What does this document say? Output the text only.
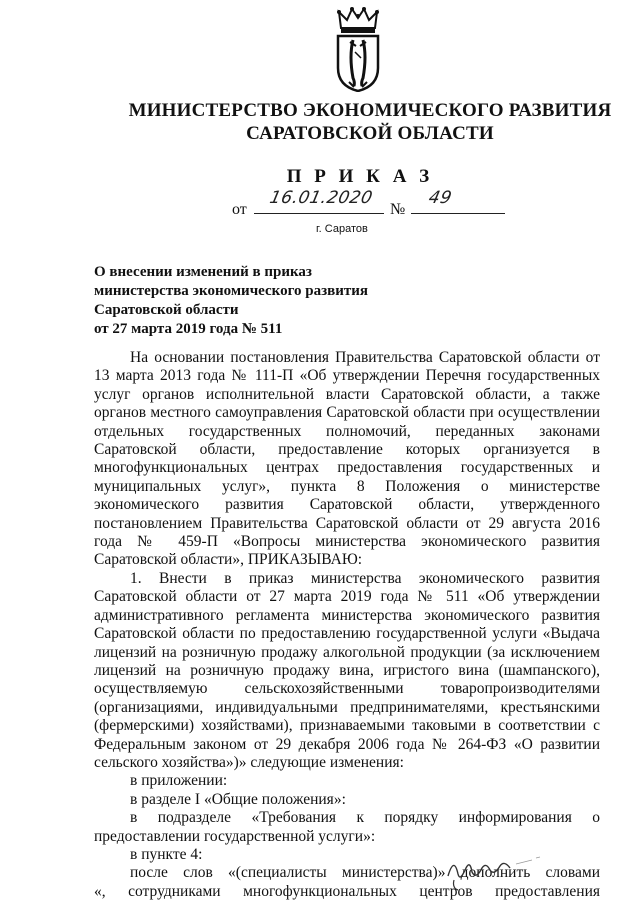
МИНИСТЕРСТВО ЭКОНОМИЧЕСКОГО РАЗВИТИЯ
САРАТОВСКОЙ ОБЛАСТИ
П Р И К А З
от
16.01.2020
№
49
г. Саратов
О внесении изменений в приказ
министерства экономического развития
Саратовской области
от 27 марта 2019 года № 511

На основании постановления Правительства Саратовской области от 13 марта 2013 года № 111-П «Об утверждении Перечня государственных услуг органов исполнительной власти Саратовской области, а также органов местного самоуправления Саратовской области при осуществлении отдельных государственных полномочий, переданных законами Саратовской области, предоставление которых организуется в многофункциональных центрах предоставления государственных и муниципальных услуг», пункта 8 Положения о министерстве экономического развития Саратовской области, утвержденного постановлением Правительства Саратовской области от 29 августа 2016 года № 459-П «Вопросы министерства экономического развития Саратовской области», ПРИКАЗЫВАЮ:

1. Внести в приказ министерства экономического развития Саратовской области от 27 марта 2019 года № 511 «Об утверждении административного регламента министерства экономического развития Саратовской области по предоставлению государственной услуги «Выдача лицензий на розничную продажу алкогольной продукции (за исключением лицензий на розничную продажу вина, игристого вина (шампанского), осуществляемую сельскохозяйственными товаропроизводителями (организациями, индивидуальными предпринимателями, крестьянскими (фермерскими) хозяйствами), признаваемыми таковыми в соответствии с Федеральным законом от 29 декабря 2006 года № 264-ФЗ «О развитии сельского хозяйства»)» следующие изменения:

в приложении:

в разделе I «Общие положения»:

в подразделе «Требования к порядку информирования о предоставлении государственной услуги»:

в пункте 4:

после слов «(специалисты министерства)» дополнить словами

«, сотрудниками многофункциональных центров предоставления
